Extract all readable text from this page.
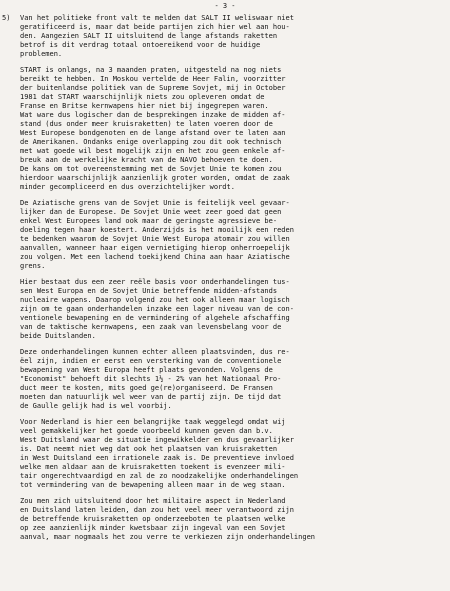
- 3 -
5) Van het politieke front valt te melden dat SALT II weliswaar niet
geratificeerd is, maar dat beide partijen zich hier wel aan hou-
den. Aangezien SALT II uitsluitend de lange afstands raketten
betrof is dit verdrag totaal ontoereikend voor de huidige
problemen.
START is onlangs, na 3 maanden praten, uitgesteld na nog niets
bereikt te hebben. In Moskou vertelde de Heer Falin, voorzitter
der buitenlandse politiek van de Supreme Sovjet, mij in October
1981 dat START waarschijnlijk niets zou opleveren omdat de
Franse en Britse kernwapens hier niet bij ingegrepen waren.
Wat ware dus logischer dan de besprekingen inzake de midden af-
stand (dus onder meer kruisraketten) te laten voeren door de
West Europese bondgenoten en de lange afstand over te laten aan
de Amerikanen. Ondanks enige overlapping zou dit ook technisch
met wat goede wil best mogelijk zijn en het zou geen enkele af-
breuk aan de werkelijke kracht van de NAVO behoeven te doen.
De kans om tot overeenstemming met de Sovjet Unie te komen zou
hierdoor waarschijnlijk aanzienlijk groter worden, omdat de zaak
minder gecompliceerd en dus overzichtelijker wordt.
De Aziatische grens van de Sovjet Unie is feitelijk veel gevaar-
lijker dan de Europese. De Sovjet Unie weet zeer goed dat geen
enkel West Europees land ook maar de geringste agressieve be-
doeling tegen haar koestert. Anderzijds is het mooilijk een reden
te bedenken waarom de Sovjet Unie West Europa atomair zou willen
aanvallen, wanneer haar eigen vernietiging hierop onherroepelijk
zou volgen. Met een lachend toekijkend China aan haar Aziatische
grens.
Hier bestaat dus een zeer reële basis voor onderhandelingen tus-
sen West Europa en de Sovjet Unie betreffende midden-afstands
nucleaire wapens. Daarop volgend zou het ook alleen maar logisch
zijn om te gaan onderhandelen inzake een lager niveau van de con-
ventionele bewapening en de vermindering of algehele afschaffing
van de taktische kernwapens, een zaak van levensbelang voor de
beide Duitslanden.
Deze onderhandelingen kunnen echter alleen plaatsvinden, dus re-
ëel zijn, indien er eerst een versterking van de conventionele
bewapening van West Europa heeft plaats gevonden. Volgens de
"Economist" behoeft dit slechts 1½ - 2% van het Nationaal Pro-
duct meer te kosten, mits goed ge(re)organiseerd. De Fransen
moeten dan natuurlijk wel weer van de partij zijn. De tijd dat
de Gaulle gelijk had is wel voorbij.
Voor Nederland is hier een belangrijke taak weggelegd omdat wij
veel gemakkelijker het goede voorbeeld kunnen geven dan b.v.
West Duitsland waar de situatie ingewikkelder en dus gevaarlijker
is. Dat neemt niet weg dat ook het plaatsen van kruisraketten
in West Duitsland een irrationele zaak is. De preventieve invloed
welke men aldaar aan de kruisraketten toekent is evenzeer mili-
tair ongerechtvaardigd en zal de zo noodzakelijke onderhandelingen
tot vermindering van de bewapening alleen maar in de weg staan.
Zou men zich uitsluitend door het militaire aspect in Nederland
en Duitsland laten leiden, dan zou het veel meer verantwoord zijn
de betreffende kruisraketten op onderzeeboten te plaatsen welke
op zee aanzienlijk minder kwetsbaar zijn ingeval van een Sovjet
aanval, maar nogmaals het zou verre te verkiezen zijn onderhandelingen
